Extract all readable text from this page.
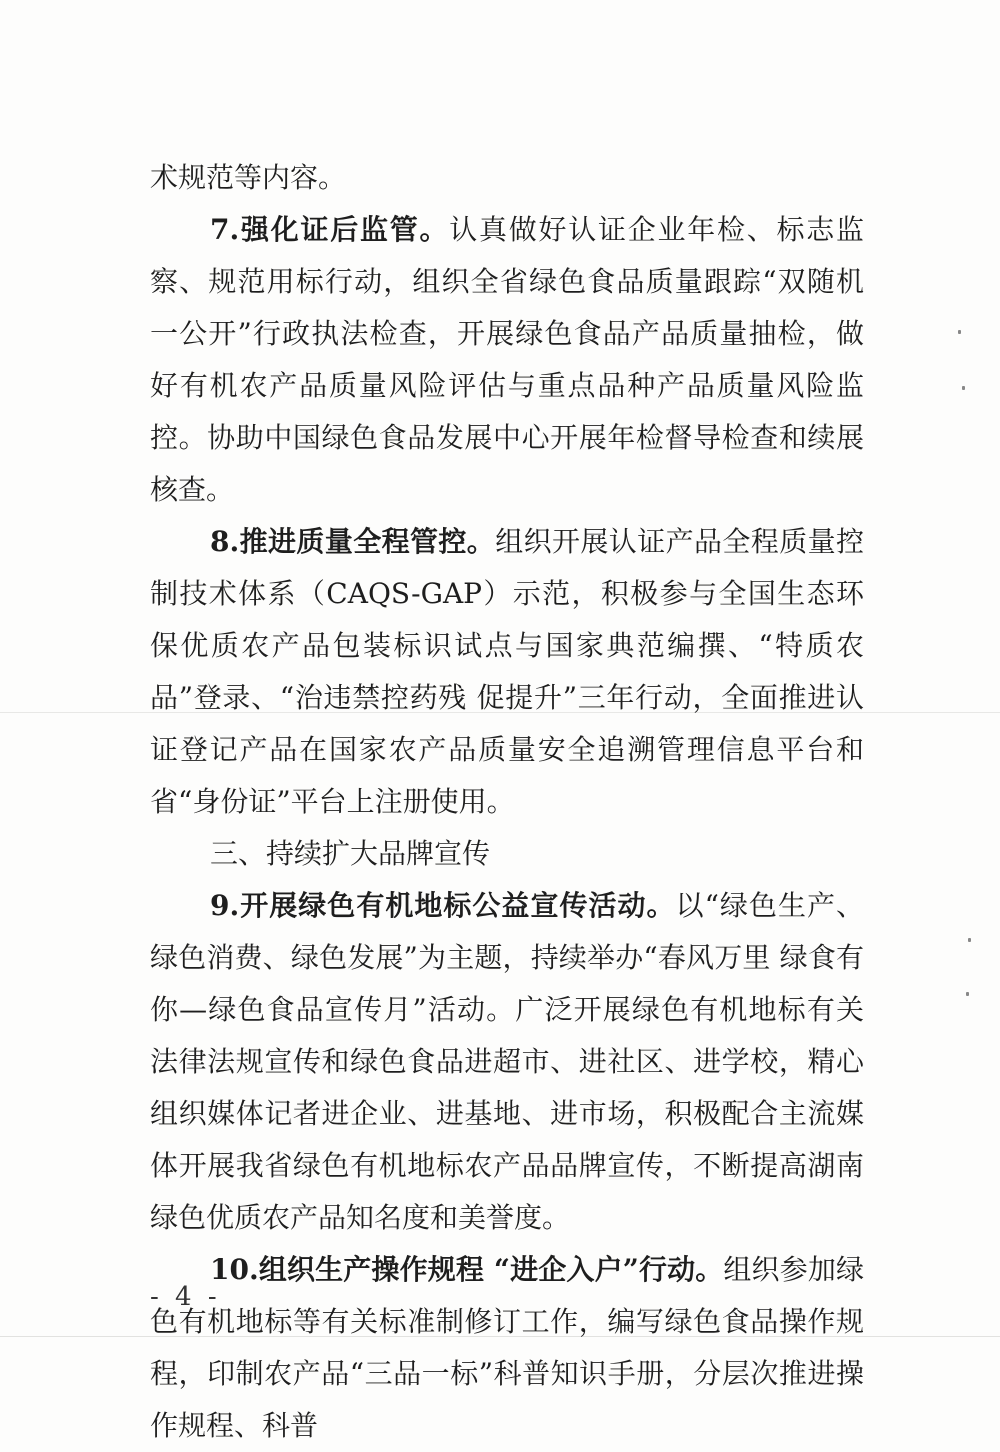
术规范等内容。

7.强化证后监管。认真做好认证企业年检、标志监察、规范用标行动，组织全省绿色食品质量跟踪“双随机一公开”行政执法检查，开展绿色食品产品质量抽检，做好有机农产品质量风险评估与重点品种产品质量风险监控。协助中国绿色食品发展中心开展年检督导检查和续展核查。

8.推进质量全程管控。组织开展认证产品全程质量控制技术体系（CAQS-GAP）示范，积极参与全国生态环保优质农产品包装标识试点与国家典范编撰、“特质农品”登录、“治违禁控药残 促提升”三年行动，全面推进认证登记产品在国家农产品质量安全追溯管理信息平台和省“身份证”平台上注册使用。

三、持续扩大品牌宣传

9.开展绿色有机地标公益宣传活动。以“绿色生产、绿色消费、绿色发展”为主题，持续举办“春风万里 绿食有你—绿色食品宣传月”活动。广泛开展绿色有机地标有关法律法规宣传和绿色食品进超市、进社区、进学校，精心组织媒体记者进企业、进基地、进市场，积极配合主流媒体开展我省绿色有机地标农产品品牌宣传，不断提高湖南绿色优质农产品知名度和美誉度。

10.组织生产操作规程 “进企入户”行动。组织参加绿色有机地标等有关标准制修订工作，编写绿色食品操作规程，印制农产品“三品一标”科普知识手册，分层次推进操作规程、科普

- 4 -
